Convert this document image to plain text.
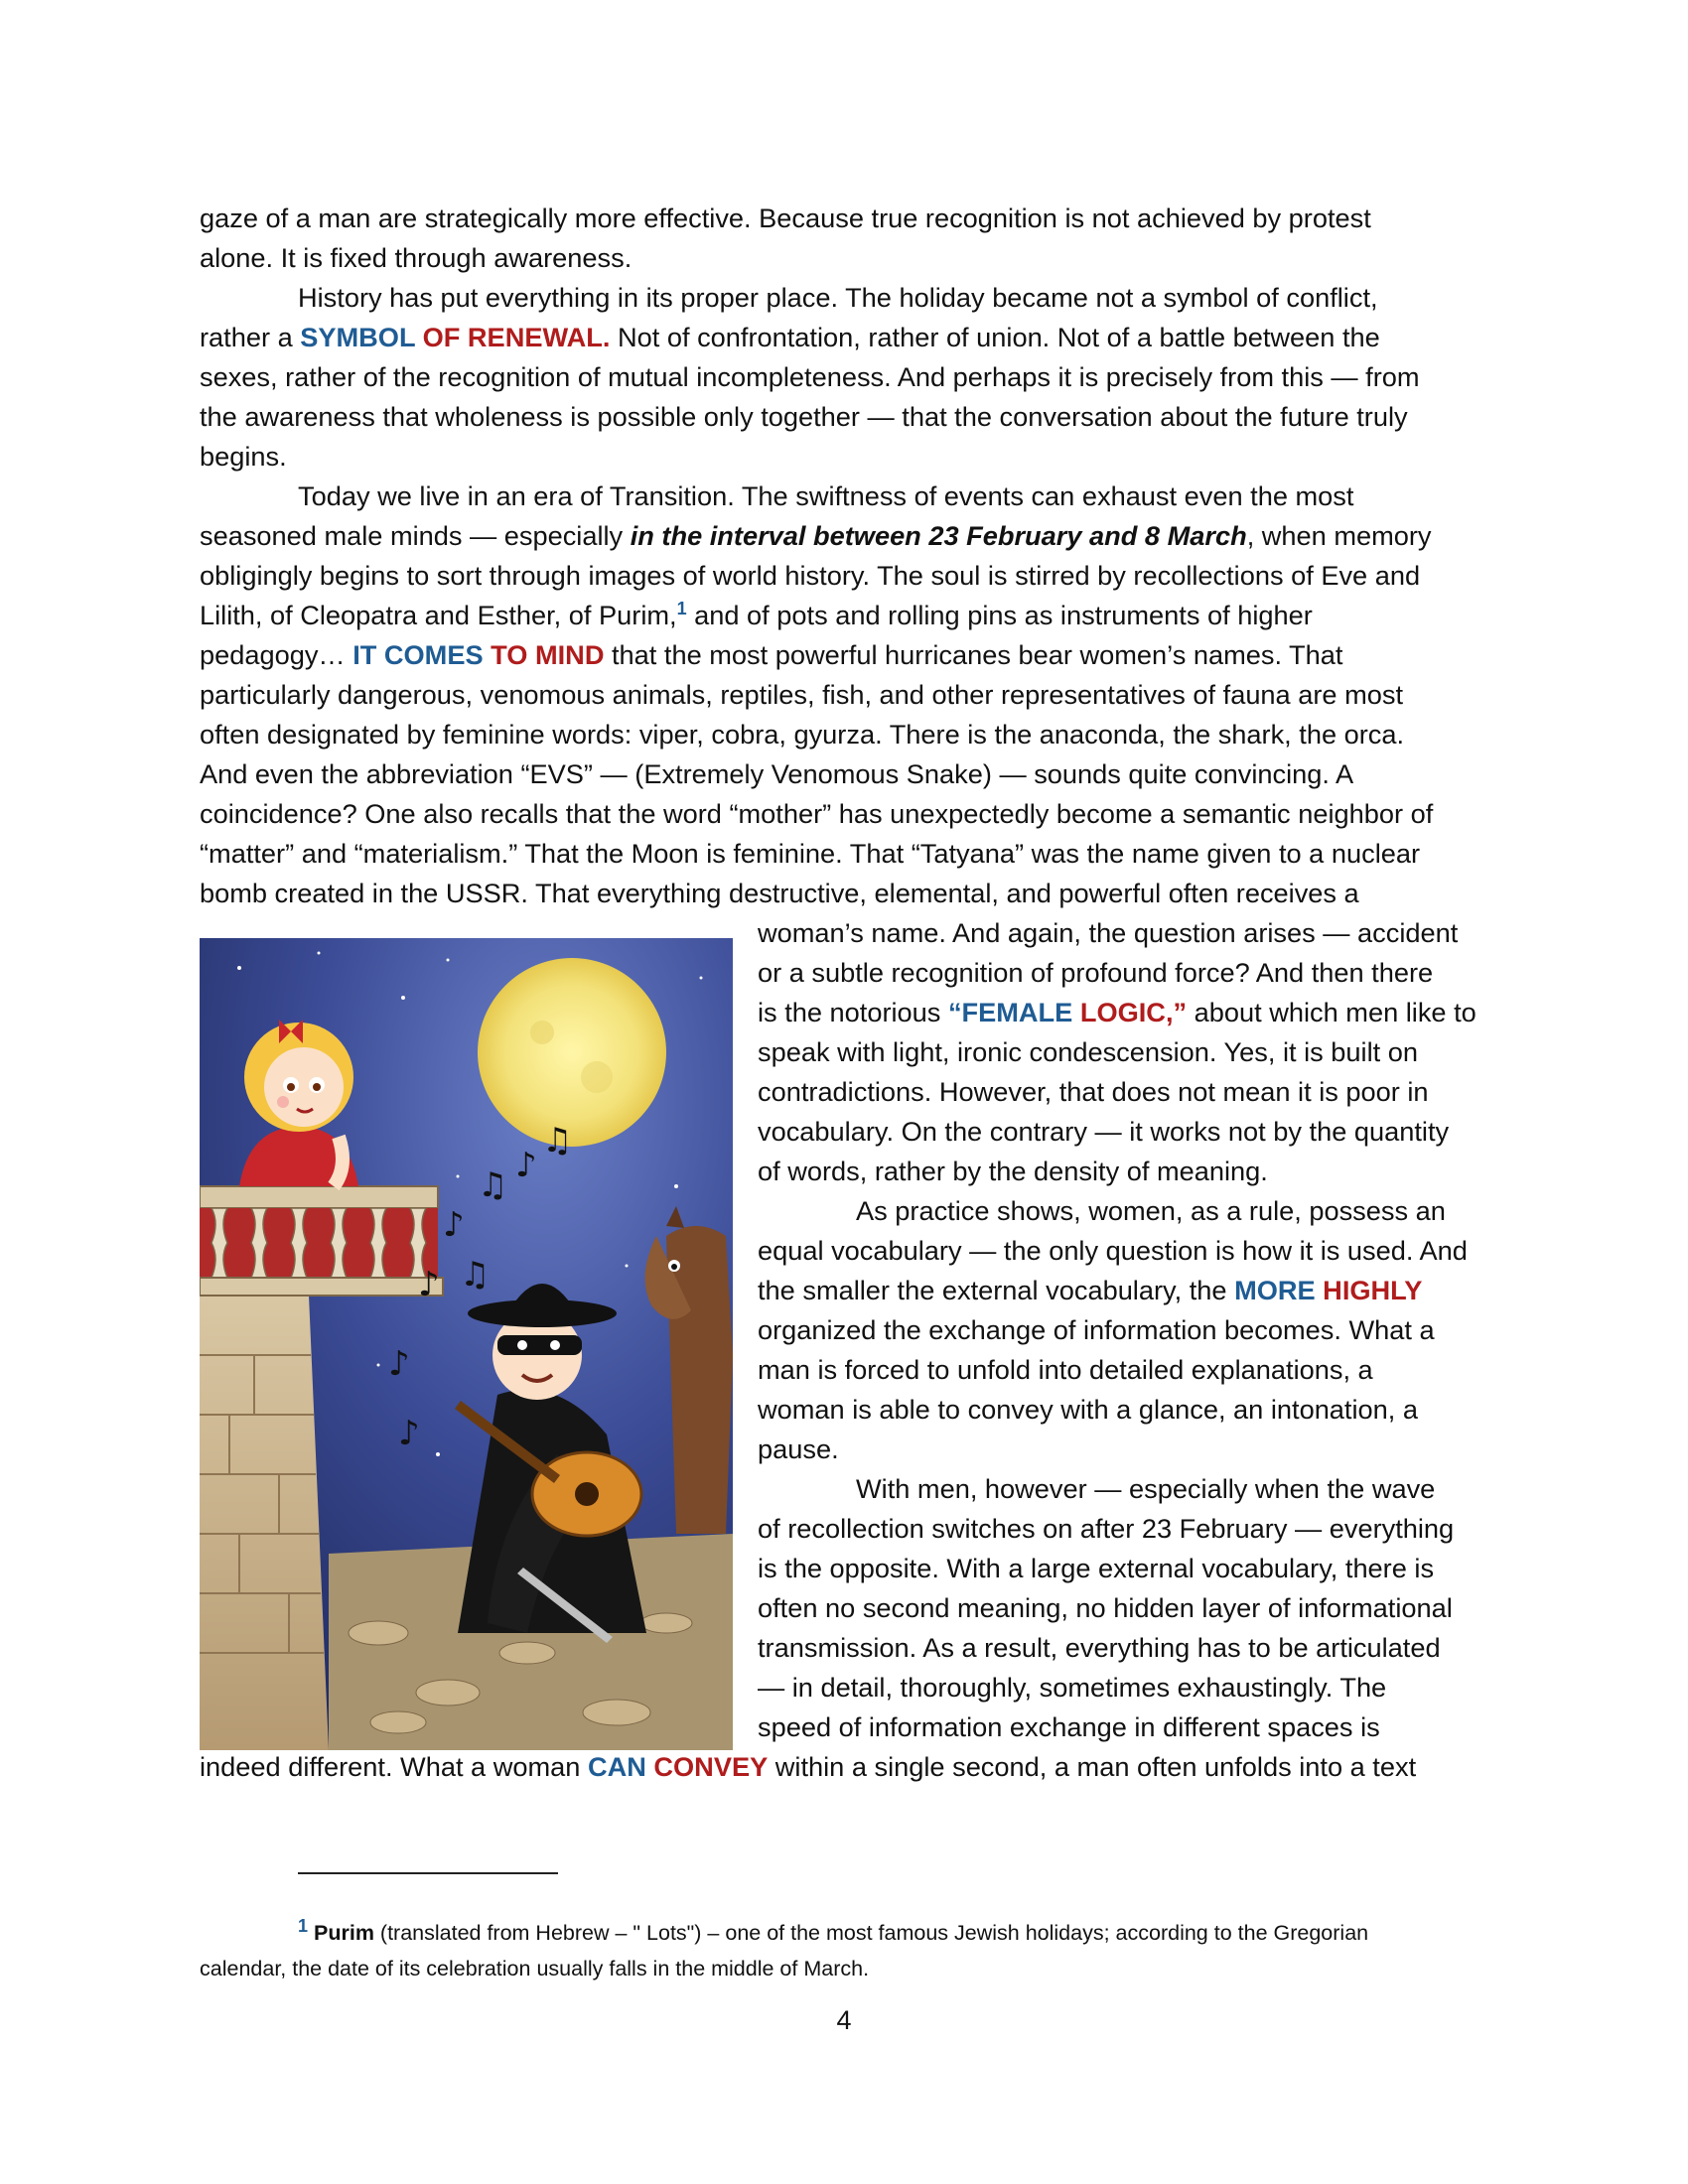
gaze of a man are strategically more effective. Because true recognition is not achieved by protest
alone. It is fixed through awareness.
History has put everything in its proper place. The holiday became not a symbol of conflict,
rather a SYMBOL OF RENEWAL. Not of confrontation, rather of union. Not of a battle between the
sexes, rather of the recognition of mutual incompleteness. And perhaps it is precisely from this — from
the awareness that wholeness is possible only together — that the conversation about the future truly
begins.
Today we live in an era of Transition. The swiftness of events can exhaust even the most
seasoned male minds — especially in the interval between 23 February and 8 March, when memory
obligingly begins to sort through images of world history. The soul is stirred by recollections of Eve and
Lilith, of Cleopatra and Esther, of Purim,$^1$ and of pots and rolling pins as instruments of higher
pedagogy… IT COMES TO MIND that the most powerful hurricanes bear women’s names. That
particularly dangerous, venomous animals, reptiles, fish, and other representatives of fauna are most
often designated by feminine words: viper, cobra, gyurza. There is the anaconda, the shark, the orca.
And even the abbreviation “EVS” — (Extremely Venomous Snake) — sounds quite convincing. A
coincidence? One also recalls that the word “mother” has unexpectedly become a semantic neighbor of
“matter” and “materialism.” That the Moon is feminine. That “Tatyana” was the name given to a nuclear
bomb created in the USSR. That everything destructive, elemental, and powerful often receives a
woman’s name. And again, the question arises — accident
or a subtle recognition of profound force? And then there
is the notorious “FEMALE LOGIC,” about which men like to
speak with light, ironic condescension. Yes, it is built on
contradictions. However, that does not mean it is poor in
vocabulary. On the contrary — it works not by the quantity
of words, rather by the density of meaning.
As practice shows, women, as a rule, possess an
equal vocabulary — the only question is how it is used. And
the smaller the external vocabulary, the MORE HIGHLY
organized the exchange of information becomes. What a
man is forced to unfold into detailed explanations, a
woman is able to convey with a glance, an intonation, a
pause.
With men, however — especially when the wave
of recollection switches on after 23 February — everything
is the opposite. With a large external vocabulary, there is
often no second meaning, no hidden layer of informational
transmission. As a result, everything has to be articulated
— in detail, thoroughly, sometimes exhaustingly. The
speed of information exchange in different spaces is
indeed different. What a woman CAN CONVEY within a single second, a man often unfolds into a text
♪
♫ ♪
♫
♪ ♫
♪
♪
$^1$ Purim (translated from Hebrew – " Lots") – one of the most famous Jewish holidays; according to the Gregorian
calendar, the date of its celebration usually falls in the middle of March.
4
